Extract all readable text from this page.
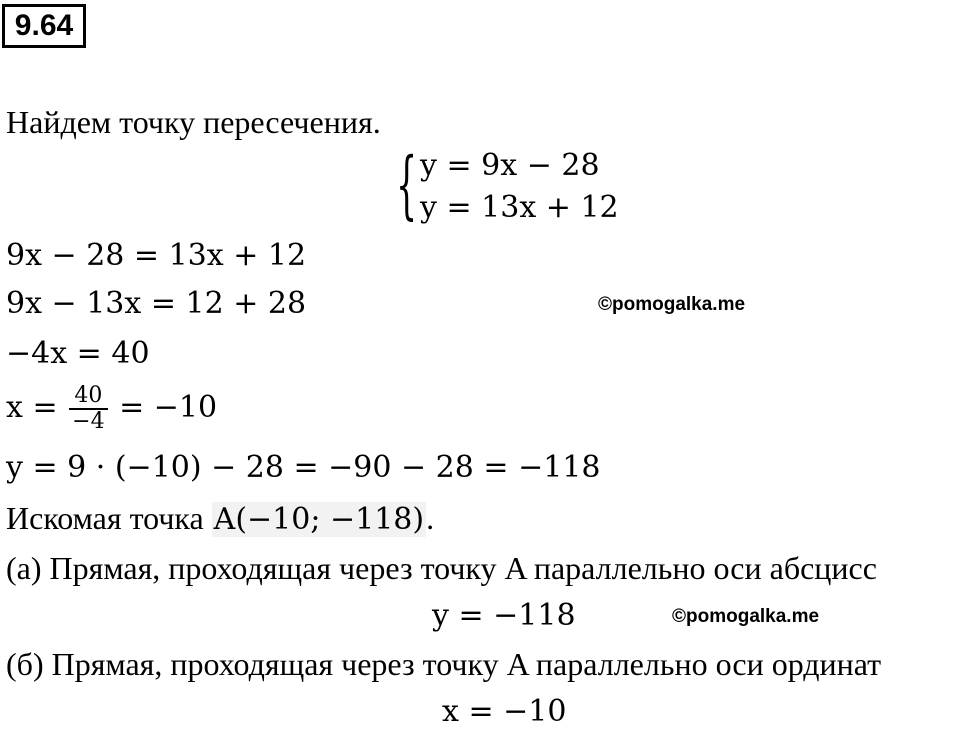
9.64
Найдем точку пересечения.
{ y = 9x − 28
y = 13x + 12
9x − 28 = 13x + 12
9x − 13x = 12 + 28	©pomogalka.me
−4x = 40
$x = \frac{40}{-4} = -10$
y = 9 · (−10) − 28 = −90 − 28 = −118
Искомая точка A(−10; −118).
(а) Прямая, проходящая через точку A параллельно оси абсцисс
y = −118	©pomogalka.me
(б) Прямая, проходящая через точку A параллельно оси ординат
x = −10
